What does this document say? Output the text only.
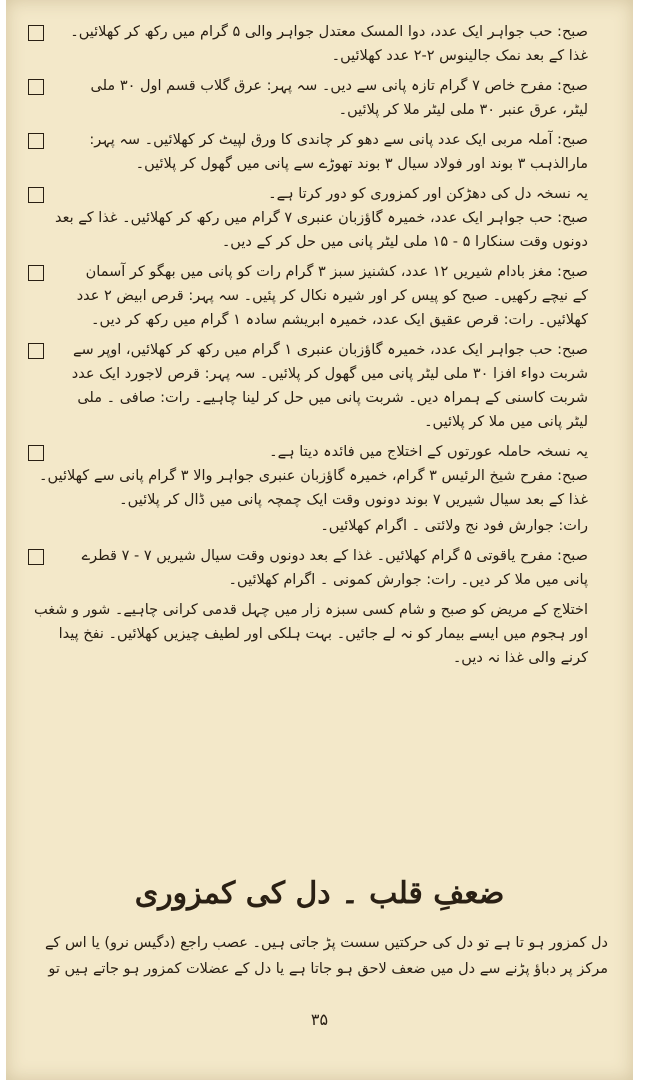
صبح: حب جواہر ایک عدد، دوا المسک معتدل جواہر والی ۵ گرام میں رکھ کر کھلائیں۔ غذا کے بعد نمک جالینوس ۲-۲ عدد کھلائیں۔
صبح: مفرح خاص ۷ گرام تازہ پانی سے دیں۔ سہ پہر: عرق گلاب قسم اول ۳۰ ملی لیٹر، عرق عنبر ۳۰ ملی لیٹر ملا کر پلائیں۔
صبح: آملہ مربی ایک عدد پانی سے دھو کر چاندی کا ورق لپیٹ کر کھلائیں۔ سہ پہر: مارالذہب ۳ بوند اور فولاد سیال ۳ بوند تھوڑے سے پانی میں گھول کر پلائیں۔
یہ نسخہ دل کی دھڑکن اور کمزوری کو دور کرتا ہے۔
صبح: حب جواہر ایک عدد، خمیرہ گاؤزبان عنبری ۷ گرام میں رکھ کر کھلائیں۔ غذا کے بعد دونوں وقت سنکارا ۵ - ۱۵ ملی لیٹر پانی میں حل کر کے دیں۔
صبح: مغز بادام شیریں ۱۲ عدد، کشنیز سبز ۳ گرام رات کو پانی میں بھگو کر آسمان کے نیچے رکھیں۔ صبح کو پیس کر اور شیرہ نکال کر پئیں۔ سہ پہر: قرص ابیض ۲ عدد کھلائیں۔ رات: قرص عقیق ایک عدد، خمیرہ ابریشم سادہ ۱ گرام میں رکھ کر دیں۔
صبح: حب جواہر ایک عدد، خمیرہ گاؤزبان عنبری ۱ گرام میں رکھ کر کھلائیں، اوپر سے شربت دواء افزا ۳۰ ملی لیٹر پانی میں گھول کر پلائیں۔ سہ پہر: قرص لاجورد ایک عدد شربت کاسنی کے ہمراہ دیں۔ شربت پانی میں حل کر لینا چاہیے۔ رات: صافی ۔ ملی لیٹر پانی میں ملا کر پلائیں۔
یہ نسخہ حاملہ عورتوں کے اختلاج میں فائدہ دیتا ہے۔
صبح: مفرح شیخ الرئیس ۳ گرام، خمیرہ گاؤزبان عنبری جواہر والا ۳ گرام پانی سے کھلائیں۔ غذا کے بعد سیال شیریں ۷ بوند دونوں وقت ایک چمچہ پانی میں ڈال کر پلائیں۔
رات: جوارش فود نج ولائتی ۔ اگرام کھلائیں۔
صبح: مفرح یاقوتی ۵ گرام کھلائیں۔ غذا کے بعد دونوں وقت سیال شیریں ۷ - ۷ قطرے پانی میں ملا کر دیں۔ رات: جوارش کمونی ۔ اگرام کھلائیں۔
اختلاج کے مریض کو صبح و شام کسی سبزہ زار میں چہل قدمی کرانی چاہیے۔ شور و شغب اور ہجوم میں ایسے بیمار کو نہ لے جائیں۔ بہت ہلکی اور لطیف چیزیں کھلائیں۔ نفخ پیدا کرنے والی غذا نہ دیں۔
ضعفِ قلب ۔ دل کی کمزوری
دل کمزور ہو تا ہے تو دل کی حرکتیں سست پڑ جاتی ہیں۔ عصب راجع (دگیس نرو) یا اس کے مرکز پر دباؤ پڑنے سے دل میں ضعف لاحق ہو جاتا ہے یا دل کے عضلات کمزور ہو جاتے ہیں تو
۳۵
